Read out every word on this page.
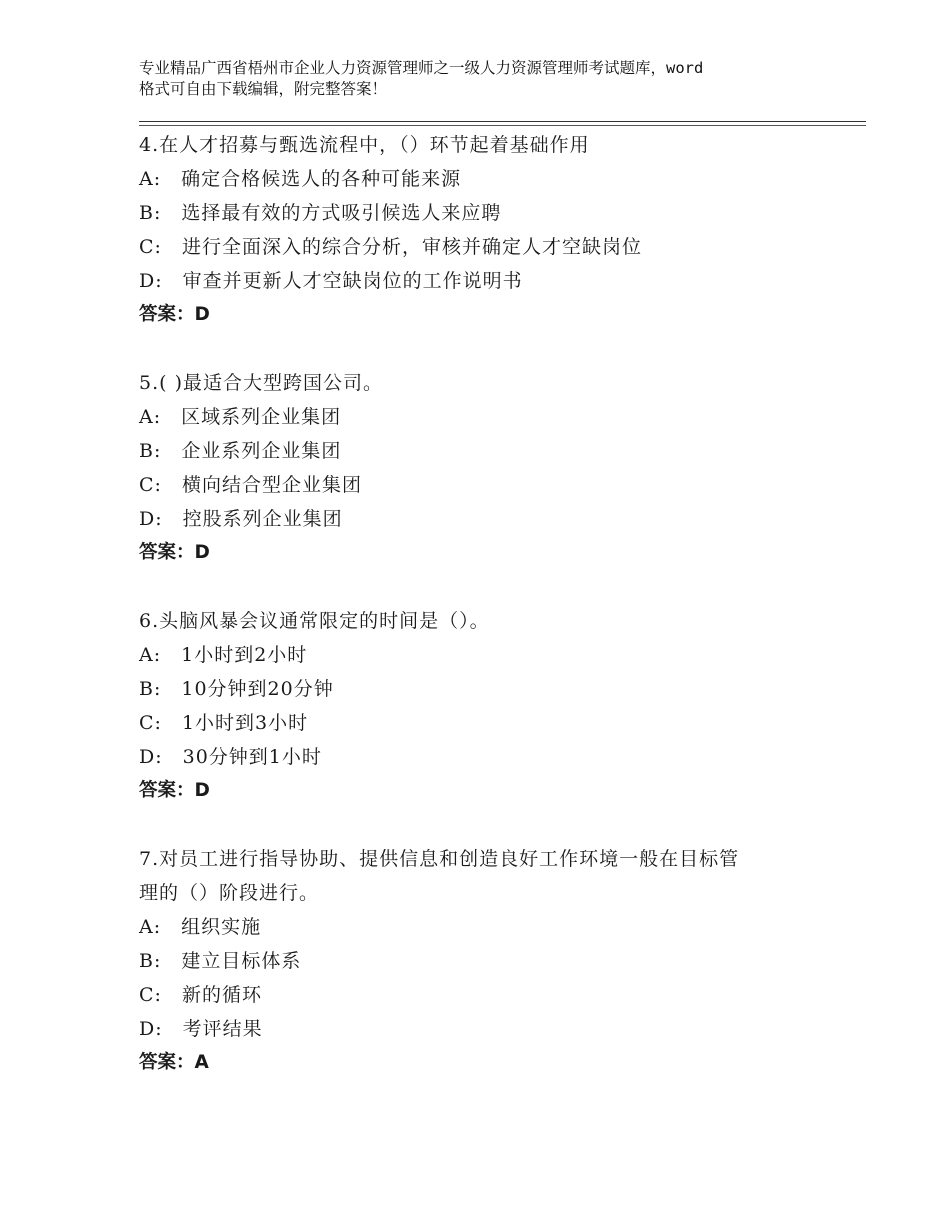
专业精品广西省梧州市企业人力资源管理师之一级人力资源管理师考试题库，word
格式可自由下载编辑，附完整答案！
4.在人才招募与甄选流程中，（）环节起着基础作用
A:　确定合格候选人的各种可能来源
B:　选择最有效的方式吸引候选人来应聘
C:　进行全面深入的综合分析，审核并确定人才空缺岗位
D:　审查并更新人才空缺岗位的工作说明书
答案：D
5.( )最适合大型跨国公司。
A:　区域系列企业集团
B:　企业系列企业集团
C:　横向结合型企业集团
D:　控股系列企业集团
答案：D
6.头脑风暴会议通常限定的时间是（）。
A:　1小时到2小时
B:　10分钟到20分钟
C:　1小时到3小时
D:　30分钟到1小时
答案：D
7.对员工进行指导协助、提供信息和创造良好工作环境一般在目标管
理的（）阶段进行。
A:　组织实施
B:　建立目标体系
C:　新的循环
D:　考评结果
答案：A
